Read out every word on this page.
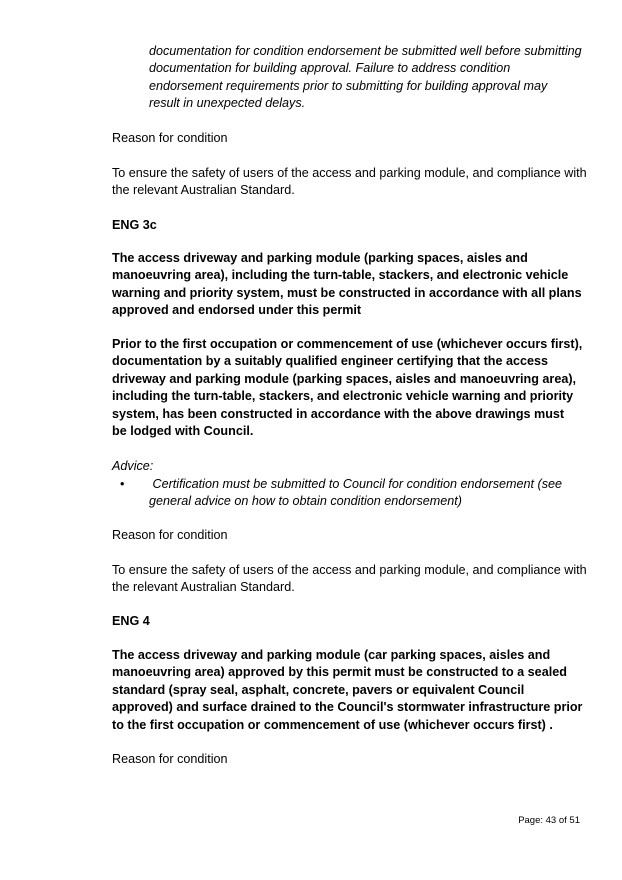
documentation for condition endorsement be submitted well before submitting
documentation for building approval. Failure to address condition
endorsement requirements prior to submitting for building approval may
result in unexpected delays.
Reason for condition
To ensure the safety of users of the access and parking module, and compliance with
the relevant Australian Standard.
ENG 3c
The access driveway and parking module (parking spaces, aisles and
manoeuvring area), including the turn-table, stackers, and electronic vehicle
warning and priority system, must be constructed in accordance with all plans
approved and endorsed under this permit
Prior to the first occupation or commencement of use (whichever occurs first),
documentation by a suitably qualified engineer certifying that the access
driveway and parking module (parking spaces, aisles and manoeuvring area),
including the turn-table, stackers, and electronic vehicle warning and priority
system, has been constructed in accordance with the above drawings must
be lodged with Council.
Advice:
• Certification must be submitted to Council for condition endorsement (see
general advice on how to obtain condition endorsement)
Reason for condition
To ensure the safety of users of the access and parking module, and compliance with
the relevant Australian Standard.
ENG 4
The access driveway and parking module (car parking spaces, aisles and
manoeuvring area) approved by this permit must be constructed to a sealed
standard (spray seal, asphalt, concrete, pavers or equivalent Council
approved) and surface drained to the Council's stormwater infrastructure prior
to the first occupation or commencement of use (whichever occurs first) .
Reason for condition
Page: 43 of 51
